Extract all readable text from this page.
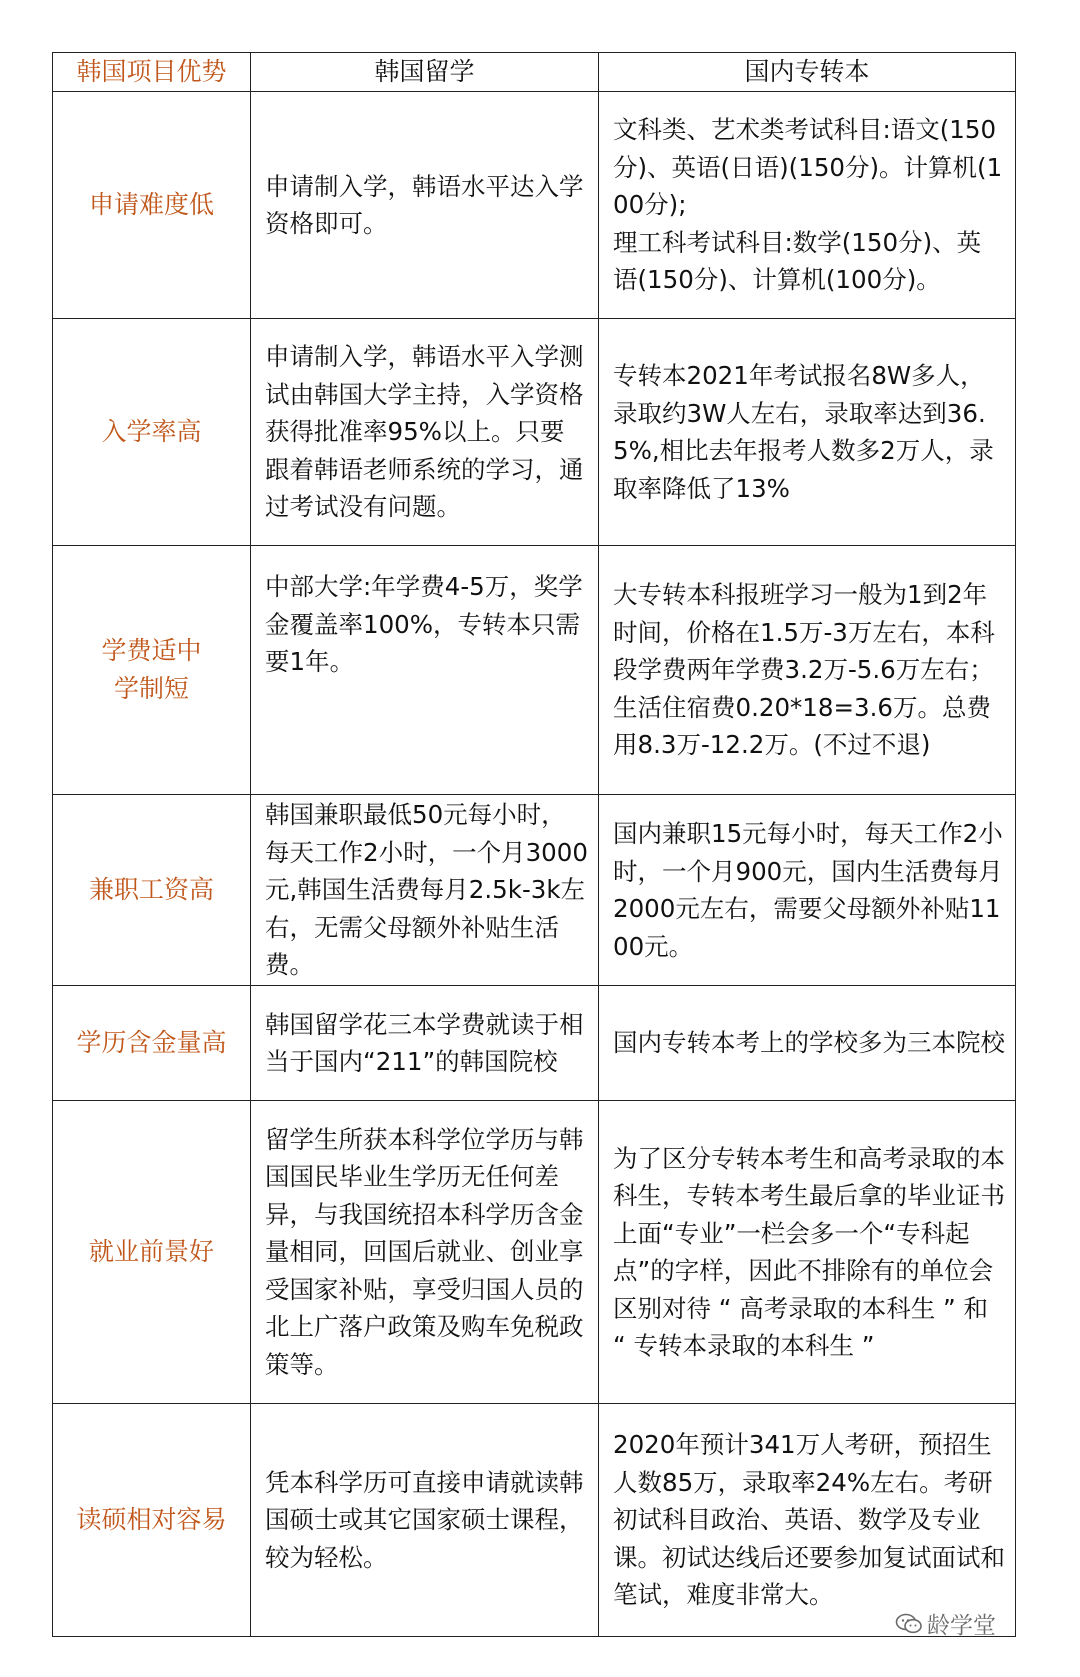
韩国项目优势	韩国留学	国内专转本
申请难度低	申请制入学，韩语水平达入学资格即可。	文科类、艺术类考试科目:语文(150分)、英语(日语)(150分)。计算机(100分);
理工科考试科目:数学(150分)、英语(150分)、计算机(100分)。
入学率高	申请制入学，韩语水平入学测试由韩国大学主持，入学资格获得批准率95%以上。只要跟着韩语老师系统的学习，通过考试没有问题。	专转本2021年考试报名8W多人，录取约3W人左右，录取率达到36.5%,相比去年报考人数多2万人，录取率降低了13%
学费适中
学制短	中部大学:年学费4-5万，奖学金覆盖率100%，专转本只需要1年。	大专转本科报班学习一般为1到2年时间，价格在1.5万-3万左右，本科段学费两年学费3.2万-5.6万左右；生活住宿费0.20*18=3.6万。总费用8.3万-12.2万。(不过不退)
兼职工资高	韩国兼职最低50元每小时，每天工作2小时，一个月3000元,韩国生活费每月2.5k-3k左右，无需父母额外补贴生活费。	国内兼职15元每小时，每天工作2小时，一个月900元，国内生活费每月2000元左右，需要父母额外补贴1100元。
学历含金量高	韩国留学花三本学费就读于相当于国内“211”的韩国院校	国内专转本考上的学校多为三本院校
就业前景好	留学生所获本科学位学历与韩国国民毕业生学历无任何差异，与我国统招本科学历含金量相同，回国后就业、创业享受国家补贴，享受归国人员的北上广落户政策及购车免税政策等。	为了区分专转本考生和高考录取的本科生，专转本考生最后拿的毕业证书上面“专业”一栏会多一个“专科起点”的字样，因此不排除有的单位会区别对待 “ 高考录取的本科生 ” 和 “ 专转本录取的本科生 ”
读硕相对容易	凭本科学历可直接申请就读韩国硕士或其它国家硕士课程，较为轻松。	2020年预计341万人考研，预招生人数85万，录取率24%左右。考研初试科目政治、英语、数学及专业课。初试达线后还要参加复试面试和笔试，难度非常大。
龄学堂
